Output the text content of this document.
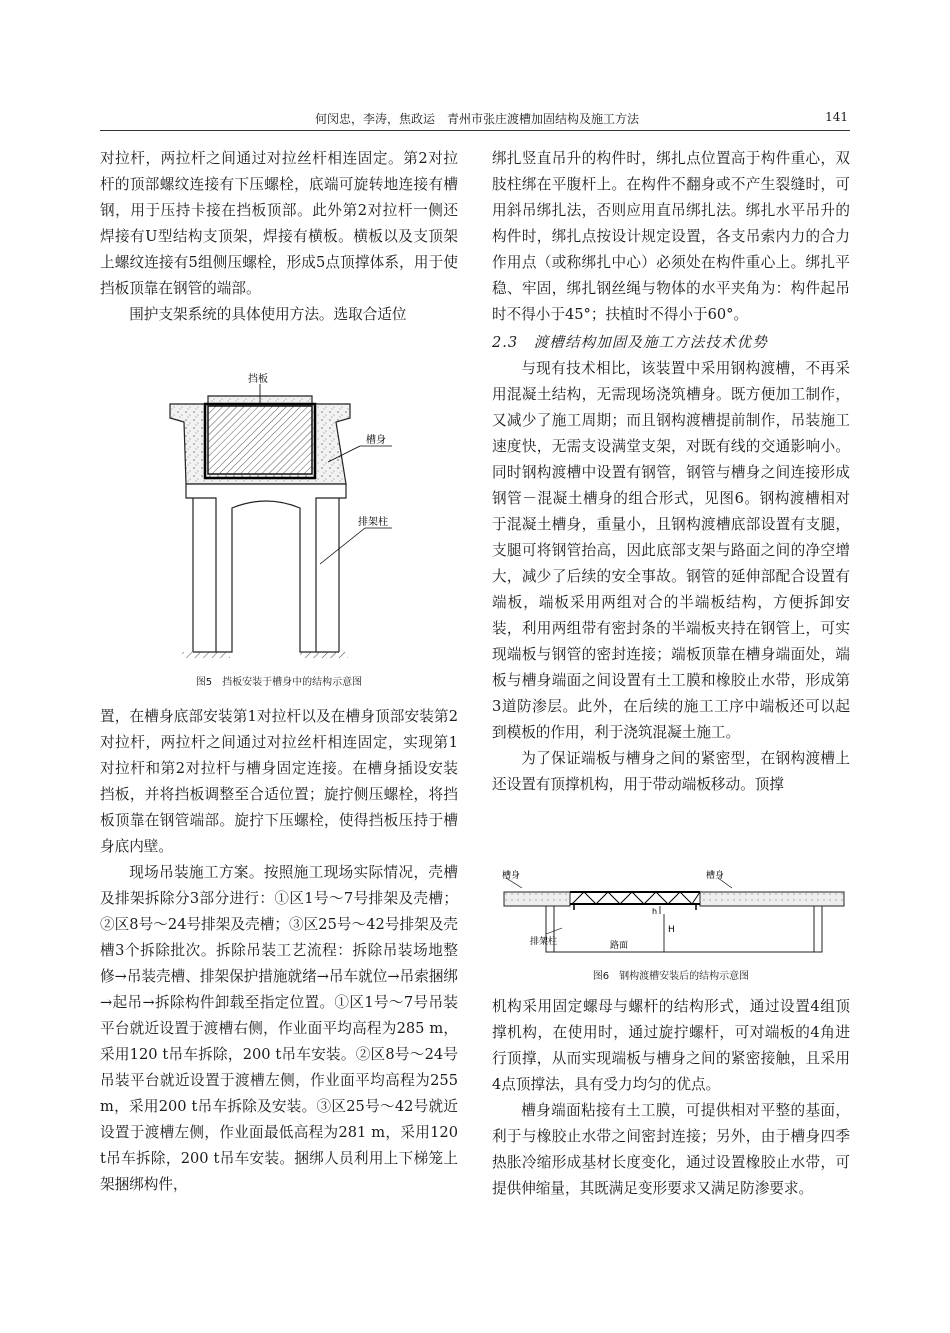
何闵忠，李涛，焦政运　青州市张庄渡槽加固结构及施工方法	141

对拉杆，两拉杆之间通过对拉丝杆相连固定。第2对拉杆的顶部螺纹连接有下压螺栓，底端可旋转地连接有槽钢，用于压持卡接在挡板顶部。此外第2对拉杆一侧还焊接有U型结构支顶架，焊接有横板。横板以及支顶架上螺纹连接有5组侧压螺栓，形成5点顶撑体系，用于使挡板顶靠在钢管的端部。

围护支架系统的具体使用方法。选取合适位

挡板
槽身
排架柱
图5　挡板安装于槽身中的结构示意图

置，在槽身底部安装第1对拉杆以及在槽身顶部安装第2对拉杆，两拉杆之间通过对拉丝杆相连固定，实现第1对拉杆和第2对拉杆与槽身固定连接。在槽身插设安装挡板，并将挡板调整至合适位置；旋拧侧压螺栓，将挡板顶靠在钢管端部。旋拧下压螺栓，使得挡板压持于槽身底内壁。

现场吊装施工方案。按照施工现场实际情况，壳槽及排架拆除分3部分进行：①区1号～7号排架及壳槽；②区8号～24号排架及壳槽；③区25号～42号排架及壳槽3个拆除批次。拆除吊装工艺流程：拆除吊装场地整修→吊装壳槽、排架保护措施就绪→吊车就位→吊索捆绑→起吊→拆除构件卸载至指定位置。①区1号～7号吊装平台就近设置于渡槽右侧，作业面平均高程为285 m，采用120 t吊车拆除，200 t吊车安装。②区8号～24号吊装平台就近设置于渡槽左侧，作业面平均高程为255 m，采用200 t吊车拆除及安装。③区25号～42号就近设置于渡槽左侧，作业面最低高程为281 m，采用120 t吊车拆除，200 t吊车安装。捆绑人员利用上下梯笼上架捆绑构件，

绑扎竖直吊升的构件时，绑扎点位置高于构件重心，双肢柱绑在平腹杆上。在构件不翻身或不产生裂缝时，可用斜吊绑扎法，否则应用直吊绑扎法。绑扎水平吊升的构件时，绑扎点按设计规定设置，各支吊索内力的合力作用点（或称绑扎中心）必须处在构件重心上。绑扎平稳、牢固，绑扎钢丝绳与物体的水平夹角为：构件起吊时不得小于45°；扶植时不得小于60°。

2.3　渡槽结构加固及施工方法技术优势

与现有技术相比，该装置中采用钢构渡槽，不再采用混凝土结构，无需现场浇筑槽身。既方便加工制作，又减少了施工周期；而且钢构渡槽提前制作，吊装施工速度快，无需支设满堂支架，对既有线的交通影响小。同时钢构渡槽中设置有钢管，钢管与槽身之间连接形成钢管－混凝土槽身的组合形式，见图6。钢构渡槽相对于混凝土槽身，重量小，且钢构渡槽底部设置有支腿，支腿可将钢管抬高，因此底部支架与路面之间的净空增大，减少了后续的安全事故。钢管的延伸部配合设置有端板，端板采用两组对合的半端板结构，方便拆卸安装，利用两组带有密封条的半端板夹持在钢管上，可实现端板与钢管的密封连接；端板顶靠在槽身端面处，端板与槽身端面之间设置有土工膜和橡胶止水带，形成第3道防渗层。此外，在后续的施工工序中端板还可以起到模板的作用，利于浇筑混凝土施工。

为了保证端板与槽身之间的紧密型，在钢构渡槽上还设置有顶撑机构，用于带动端板移动。顶撑

槽身	槽身
h
H
排架柱	路面
图6　钢构渡槽安装后的结构示意图

机构采用固定螺母与螺杆的结构形式，通过设置4组顶撑机构，在使用时，通过旋拧螺杆，可对端板的4角进行顶撑，从而实现端板与槽身之间的紧密接触，且采用4点顶撑法，具有受力均匀的优点。

槽身端面粘接有土工膜，可提供相对平整的基面，利于与橡胶止水带之间密封连接；另外，由于槽身四季热胀冷缩形成基材长度变化，通过设置橡胶止水带，可提供伸缩量，其既满足变形要求又满足防渗要求。
